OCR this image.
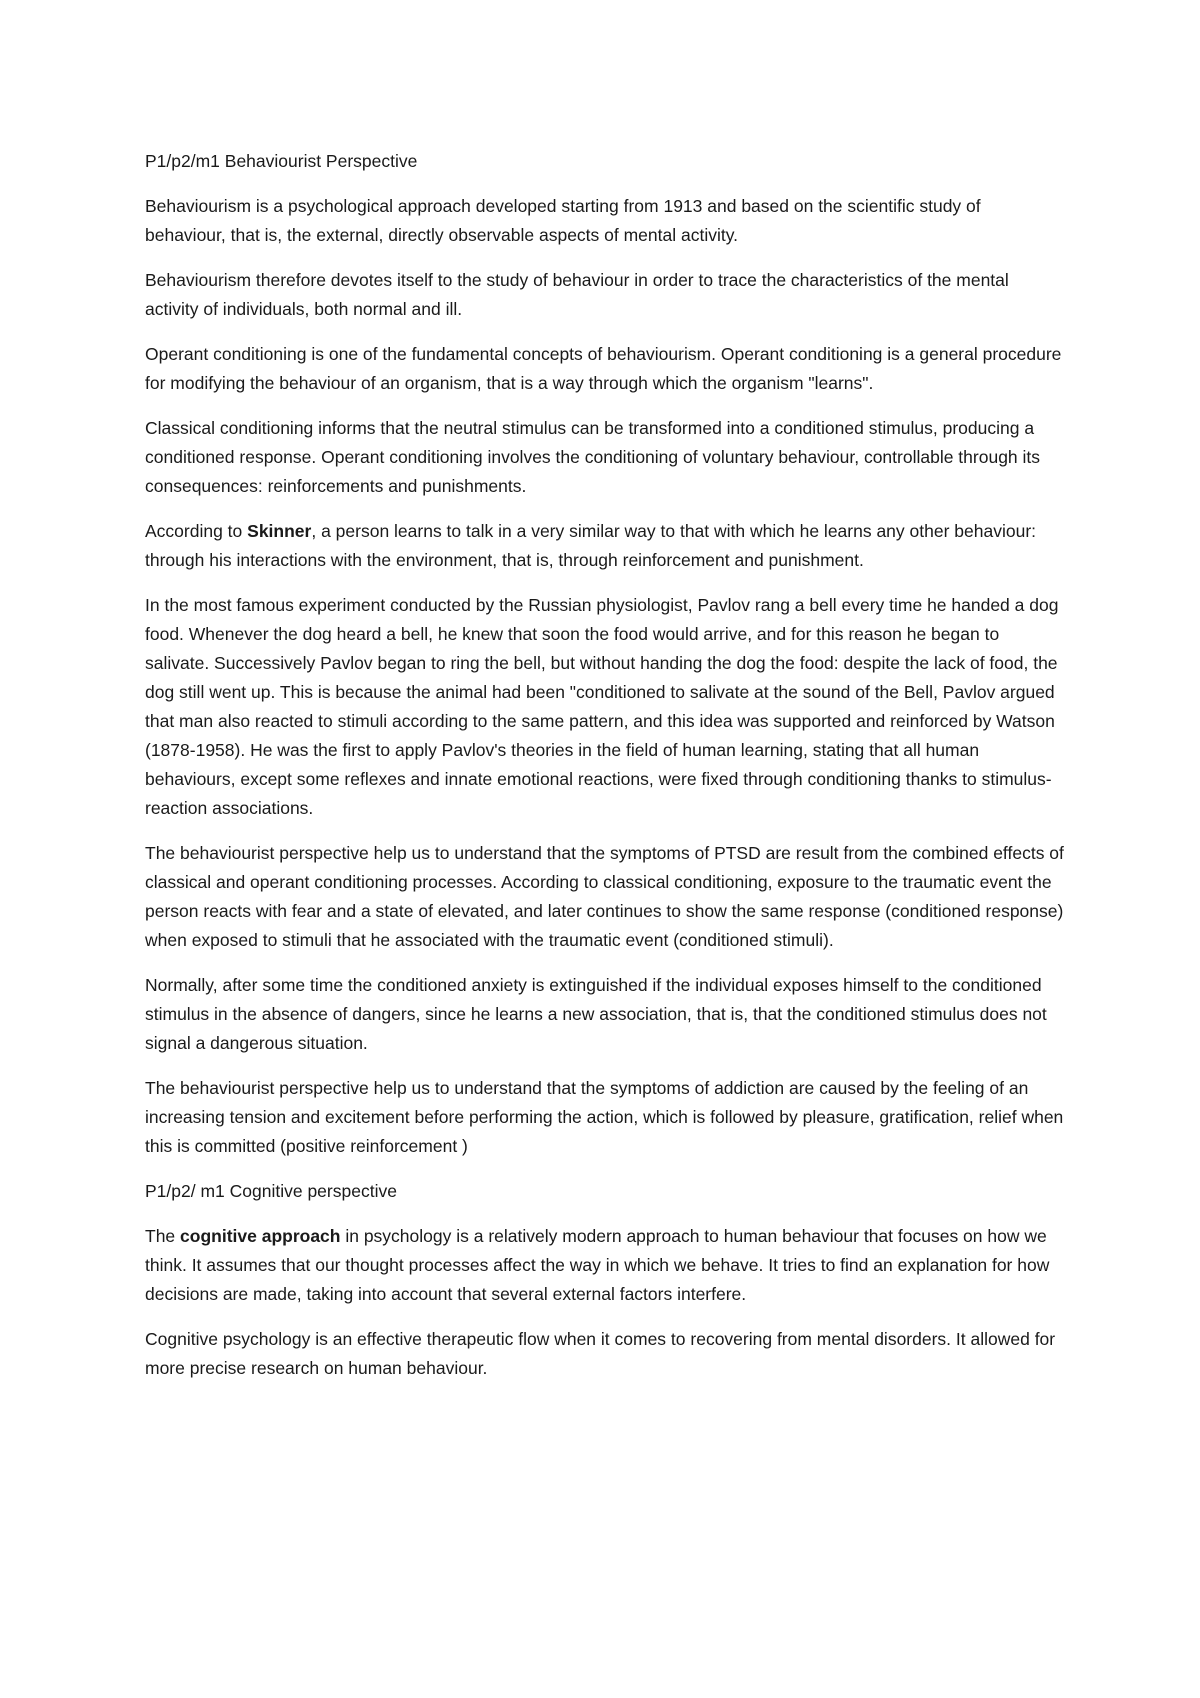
P1/p2/m1 Behaviourist Perspective

Behaviourism is a psychological approach developed starting from 1913 and based on the scientific study of behaviour, that is, the external, directly observable aspects of mental activity.

Behaviourism therefore devotes itself to the study of behaviour in order to trace the characteristics of the mental activity of individuals, both normal and ill.

Operant conditioning is one of the fundamental concepts of behaviourism. Operant conditioning is a general procedure for modifying the behaviour of an organism, that is a way through which the organism "learns".

Classical conditioning informs that the neutral stimulus can be transformed into a conditioned stimulus, producing a conditioned response. Operant conditioning involves the conditioning of voluntary behaviour, controllable through its consequences: reinforcements and punishments.

According to Skinner, a person learns to talk in a very similar way to that with which he learns any other behaviour: through his interactions with the environment, that is, through reinforcement and punishment.

In the most famous experiment conducted by the Russian physiologist, Pavlov rang a bell every time he handed a dog food. Whenever the dog heard a bell, he knew that soon the food would arrive, and for this reason he began to salivate. Successively Pavlov began to ring the bell, but without handing the dog the food: despite the lack of food, the dog still went up. This is because the animal had been "conditioned to salivate at the sound of the Bell, Pavlov argued that man also reacted to stimuli according to the same pattern, and this idea was supported and reinforced by Watson (1878-1958). He was the first to apply Pavlov's theories in the field of human learning, stating that all human behaviours, except some reflexes and innate emotional reactions, were fixed through conditioning thanks to stimulus-reaction associations.

The behaviourist perspective help us to understand that the symptoms of PTSD are result from the combined effects of classical and operant conditioning processes. According to classical conditioning, exposure to the traumatic event the person reacts with fear and a state of elevated, and later continues to show the same response (conditioned response) when exposed to stimuli that he associated with the traumatic event (conditioned stimuli).

Normally, after some time the conditioned anxiety is extinguished if the individual exposes himself to the conditioned stimulus in the absence of dangers, since he learns a new association, that is, that the conditioned stimulus does not signal a dangerous situation.

The behaviourist perspective help us to understand that the symptoms of addiction are caused by the feeling of an increasing tension and excitement before performing the action, which is followed by pleasure, gratification, relief when this is committed (positive reinforcement )

P1/p2/ m1 Cognitive perspective

The cognitive approach in psychology is a relatively modern approach to human behaviour that focuses on how we think. It assumes that our thought processes affect the way in which we behave. It tries to find an explanation for how decisions are made, taking into account that several external factors interfere.

Cognitive psychology is an effective therapeutic flow when it comes to recovering from mental disorders. It allowed for more precise research on human behaviour.
